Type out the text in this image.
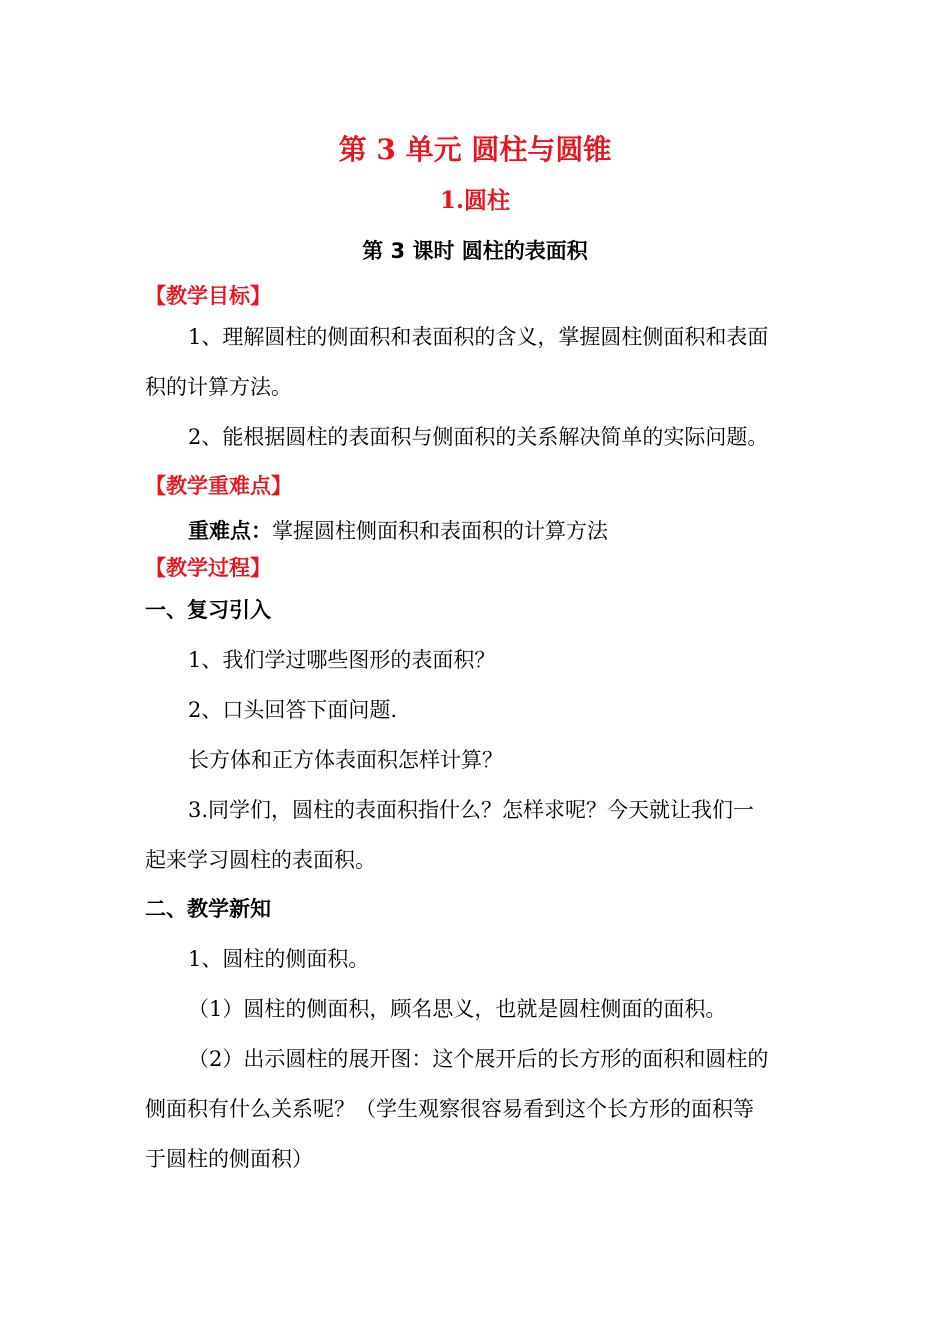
第 3 单元 圆柱与圆锥
1.圆柱
第 3 课时 圆柱的表面积
【教学目标】
1、理解圆柱的侧面积和表面积的含义，掌握圆柱侧面积和表面
积的计算方法。
2、能根据圆柱的表面积与侧面积的关系解决简单的实际问题。
【教学重难点】
重难点：掌握圆柱侧面积和表面积的计算方法
【教学过程】
一、复习引入
1、我们学过哪些图形的表面积？
2、口头回答下面问题.
长方体和正方体表面积怎样计算？
3.同学们，圆柱的表面积指什么？怎样求呢？今天就让我们一
起来学习圆柱的表面积。
二、教学新知
1、圆柱的侧面积。
（1）圆柱的侧面积，顾名思义，也就是圆柱侧面的面积。
（2）出示圆柱的展开图：这个展开后的长方形的面积和圆柱的
侧面积有什么关系呢？（学生观察很容易看到这个长方形的面积等
于圆柱的侧面积）
